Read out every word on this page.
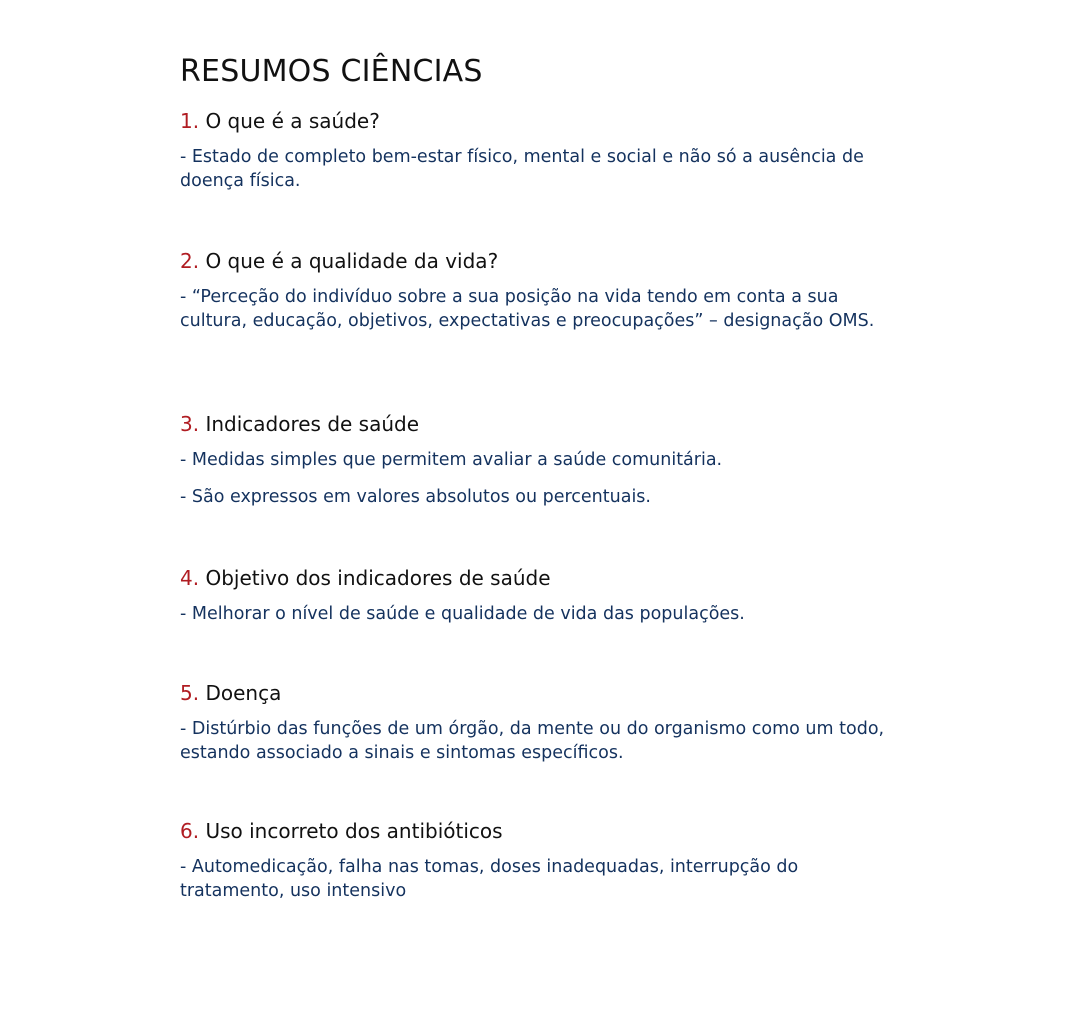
RESUMOS CIÊNCIAS
1. O que é a saúde?

- Estado de completo bem-estar físico, mental e social e não só a ausência de doença física.

2. O que é a qualidade da vida?

- “Perceção do indivíduo sobre a sua posição na vida tendo em conta a sua cultura, educação, objetivos, expectativas e preocupações” – designação OMS.

3. Indicadores de saúde

- Medidas simples que permitem avaliar a saúde comunitária.

- São expressos em valores absolutos ou percentuais.

4. Objetivo dos indicadores de saúde

- Melhorar o nível de saúde e qualidade de vida das populações.

5. Doença

- Distúrbio das funções de um órgão, da mente ou do organismo como um todo, estando associado a sinais e sintomas específicos.

6. Uso incorreto dos antibióticos

- Automedicação, falha nas tomas, doses inadequadas, interrupção do tratamento, uso intensivo
